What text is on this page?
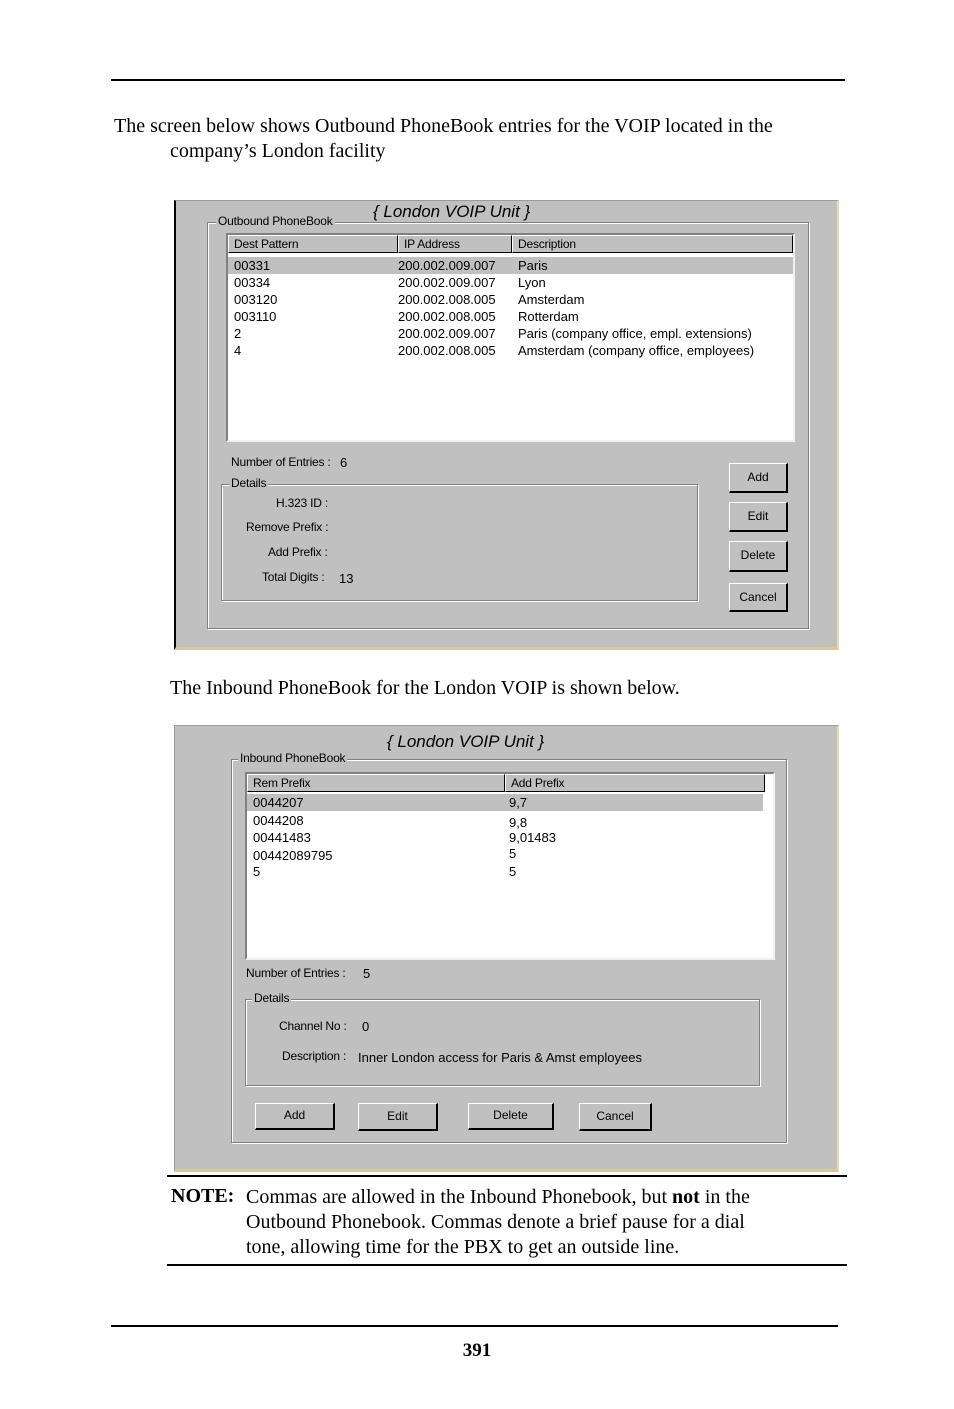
The screen below shows Outbound PhoneBook entries for the VOIP located in the
company’s London facility
Outbound PhoneBook { London VOIP Unit }
Dest Pattern	IP Address	Description
00331	200.002.009.007 Paris
00334	200.002.009.007 Lyon
003120	200.002.008.005 Amsterdam
003110	200.002.008.005 Rotterdam
2	200.002.009.007 Paris (company office, empl. extensions)
4	200.002.008.005 Amsterdam (company office, employees)
Number of Entries : 6
Details
H.323 ID :
Remove Prefix :
Add Prefix :
Total Digits : 13
Add
Edit
Delete
Cancel
The Inbound PhoneBook for the London VOIP is shown below.
{ London VOIP Unit }
Inbound PhoneBook
Rem Prefix	Add Prefix
0044207	9,7
0044208	9,8
00441483	9,01483
00442089795	5
5	5
Number of Entries : 5
Details
Channel No : 0
Description : Inner London access for Paris & Amst employees
Add	Edit	Delete	Cancel
NOTE: Commas are allowed in the Inbound Phonebook, but not in the
Outbound Phonebook. Commas denote a brief pause for a dial
tone, allowing time for the PBX to get an outside line.
391
